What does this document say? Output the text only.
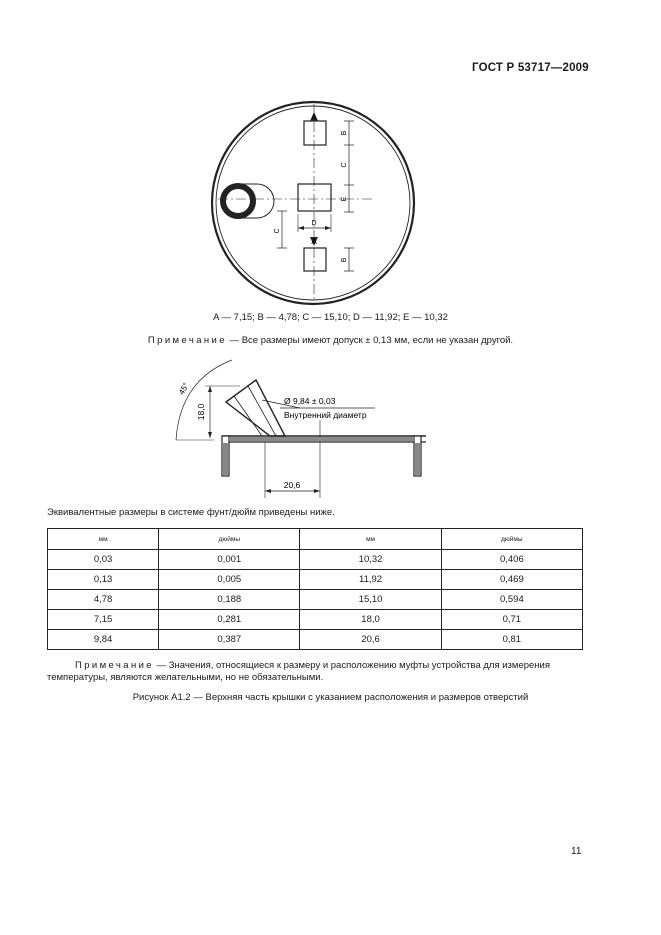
ГОСТ Р 53717—2009
A
A
B
C
E
B
C
D
A — 7,15; B — 4,78; C — 15,10; D — 11,92; E — 10,32
Примечание — Все размеры имеют допуск ± 0,13 мм, если не указан другой.
45°
18,0
Ø 9,84 ± 0,03
Внутренний диаметр
20,6
Эквивалентные размеры в системе фунт/дюйм приведены ниже.
мм	дюймы	мм	дюймы
0,03	0,001	10,32	0,406
0,13	0,005	11,92	0,469
4,78	0,188	15,10	0,594
7,15	0,281	18,0	0,71
9,84	0,387	20,6	0,81
Примечание — Значения, относящиеся к размеру и расположению муфты устройства для измерения температуры, являются желательными, но не обязательными.
Рисунок А1.2 — Верхняя часть крышки с указанием расположения и размеров отверстий
11
